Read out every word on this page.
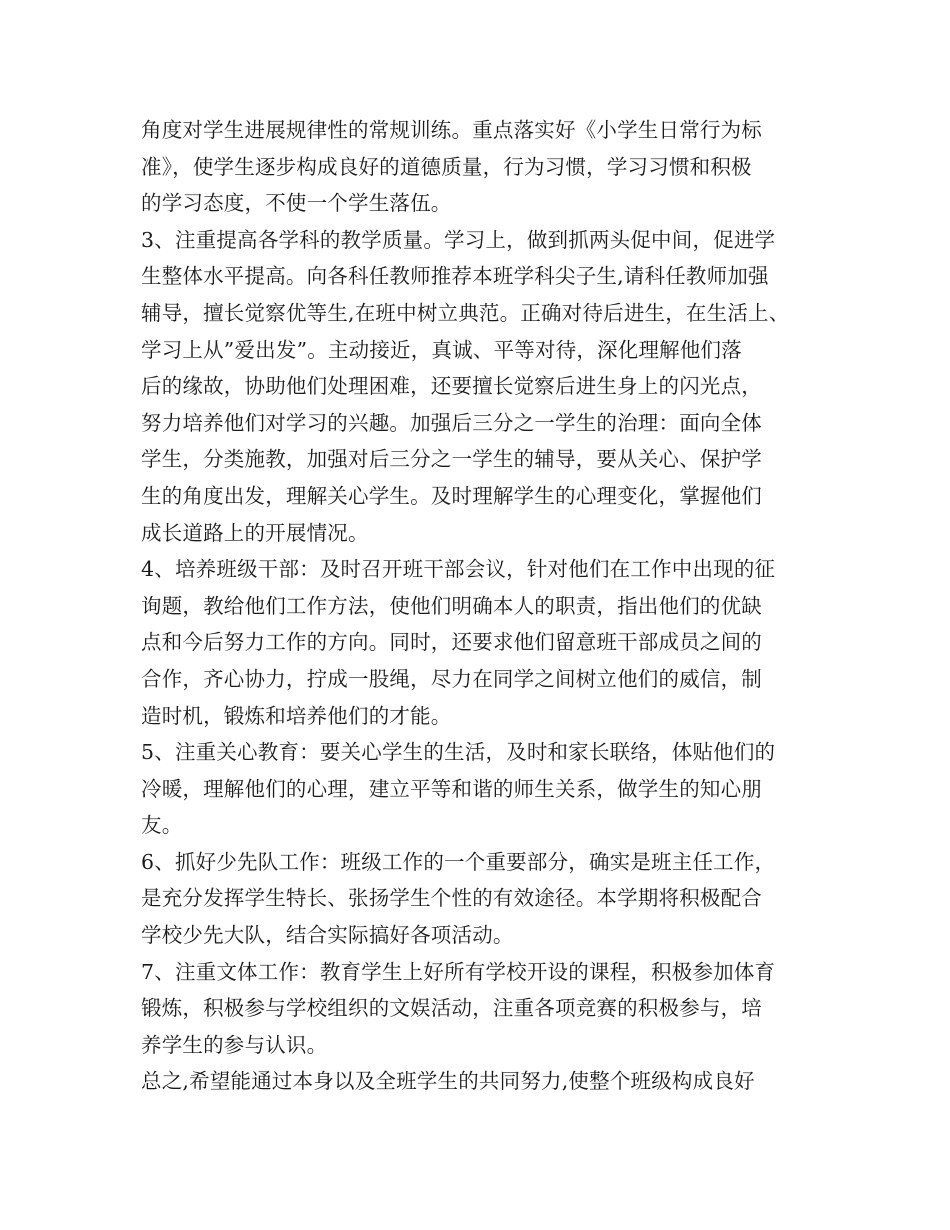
角度对学生进展规律性的常规训练。重点落实好《小学生日常行为标
准》，使学生逐步构成良好的道德质量，行为习惯，学习习惯和积极
的学习态度，不使一个学生落伍。
3、注重提高各学科的教学质量。学习上，做到抓两头促中间，促进学
生整体水平提高。向各科任教师推荐本班学科尖子生,请科任教师加强
辅导，擅长觉察优等生,在班中树立典范。正确对待后进生，在生活上、
学习上从”爱出发”。主动接近，真诚、平等对待，深化理解他们落
后的缘故，协助他们处理困难，还要擅长觉察后进生身上的闪光点，
努力培养他们对学习的兴趣。加强后三分之一学生的治理：面向全体
学生，分类施教，加强对后三分之一学生的辅导，要从关心、保护学
生的角度出发，理解关心学生。及时理解学生的心理变化，掌握他们
成长道路上的开展情况。
4、培养班级干部：及时召开班干部会议，针对他们在工作中出现的征
询题，教给他们工作方法，使他们明确本人的职责，指出他们的优缺
点和今后努力工作的方向。同时，还要求他们留意班干部成员之间的
合作，齐心协力，拧成一股绳，尽力在同学之间树立他们的威信，制
造时机，锻炼和培养他们的才能。
5、注重关心教育：要关心学生的生活，及时和家长联络，体贴他们的
冷暖，理解他们的心理，建立平等和谐的师生关系，做学生的知心朋
友。
6、抓好少先队工作：班级工作的一个重要部分，确实是班主任工作，
是充分发挥学生特长、张扬学生个性的有效途径。本学期将积极配合
学校少先大队，结合实际搞好各项活动。
7、注重文体工作：教育学生上好所有学校开设的课程，积极参加体育
锻炼，积极参与学校组织的文娱活动，注重各项竞赛的积极参与，培
养学生的参与认识。
总之,希望能通过本身以及全班学生的共同努力,使整个班级构成良好
